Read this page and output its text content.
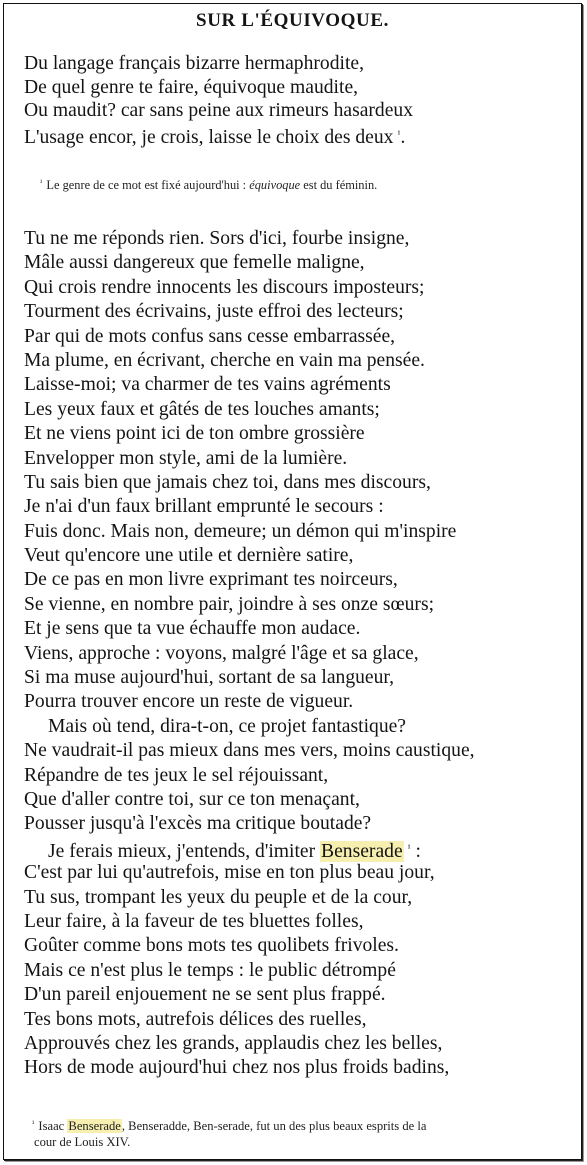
SUR L'ÉQUIVOQUE.
Du langage français bizarre hermaphrodite,
De quel genre te faire, équivoque maudite,
Ou maudit? car sans peine aux rimeurs hasardeux
L'usage encor, je crois, laisse le choix des deux $^{^1}$.
$^{^1}$ Le genre de ce mot est fixé aujourd'hui : équivoque est du féminin.
Tu ne me réponds rien. Sors d'ici, fourbe insigne,
Mâle aussi dangereux que femelle maligne,
Qui crois rendre innocents les discours imposteurs;
Tourment des écrivains, juste effroi des lecteurs;
Par qui de mots confus sans cesse embarrassée,
Ma plume, en écrivant, cherche en vain ma pensée.
Laisse-moi; va charmer de tes vains agréments
Les yeux faux et gâtés de tes louches amants;
Et ne viens point ici de ton ombre grossière
Envelopper mon style, ami de la lumière.
Tu sais bien que jamais chez toi, dans mes discours,
Je n'ai d'un faux brillant emprunté le secours :
Fuis donc. Mais non, demeure; un démon qui m'inspire
Veut qu'encore une utile et dernière satire,
De ce pas en mon livre exprimant tes noirceurs,
Se vienne, en nombre pair, joindre à ses onze sœurs;
Et je sens que ta vue échauffe mon audace.
Viens, approche : voyons, malgré l'âge et sa glace,
Si ma muse aujourd'hui, sortant de sa langueur,
Pourra trouver encore un reste de vigueur.
Mais où tend, dira-t-on, ce projet fantastique?
Ne vaudrait-il pas mieux dans mes vers, moins caustique,
Répandre de tes jeux le sel réjouissant,
Que d'aller contre toi, sur ce ton menaçant,
Pousser jusqu'à l'excès ma critique boutade?
Je ferais mieux, j'entends, d'imiter Benserade $^{^1}$ :
C'est par lui qu'autrefois, mise en ton plus beau jour,
Tu sus, trompant les yeux du peuple et de la cour,
Leur faire, à la faveur de tes bluettes folles,
Goûter comme bons mots tes quolibets frivoles.
Mais ce n'est plus le temps : le public détrompé
D'un pareil enjouement ne se sent plus frappé.
Tes bons mots, autrefois délices des ruelles,
Approuvés chez les grands, applaudis chez les belles,
Hors de mode aujourd'hui chez nos plus froids badins,
$^{^1}$ Isaac Benserade, Benseradde, Ben-serade, fut un des plus beaux esprits de la
cour de Louis XIV.
